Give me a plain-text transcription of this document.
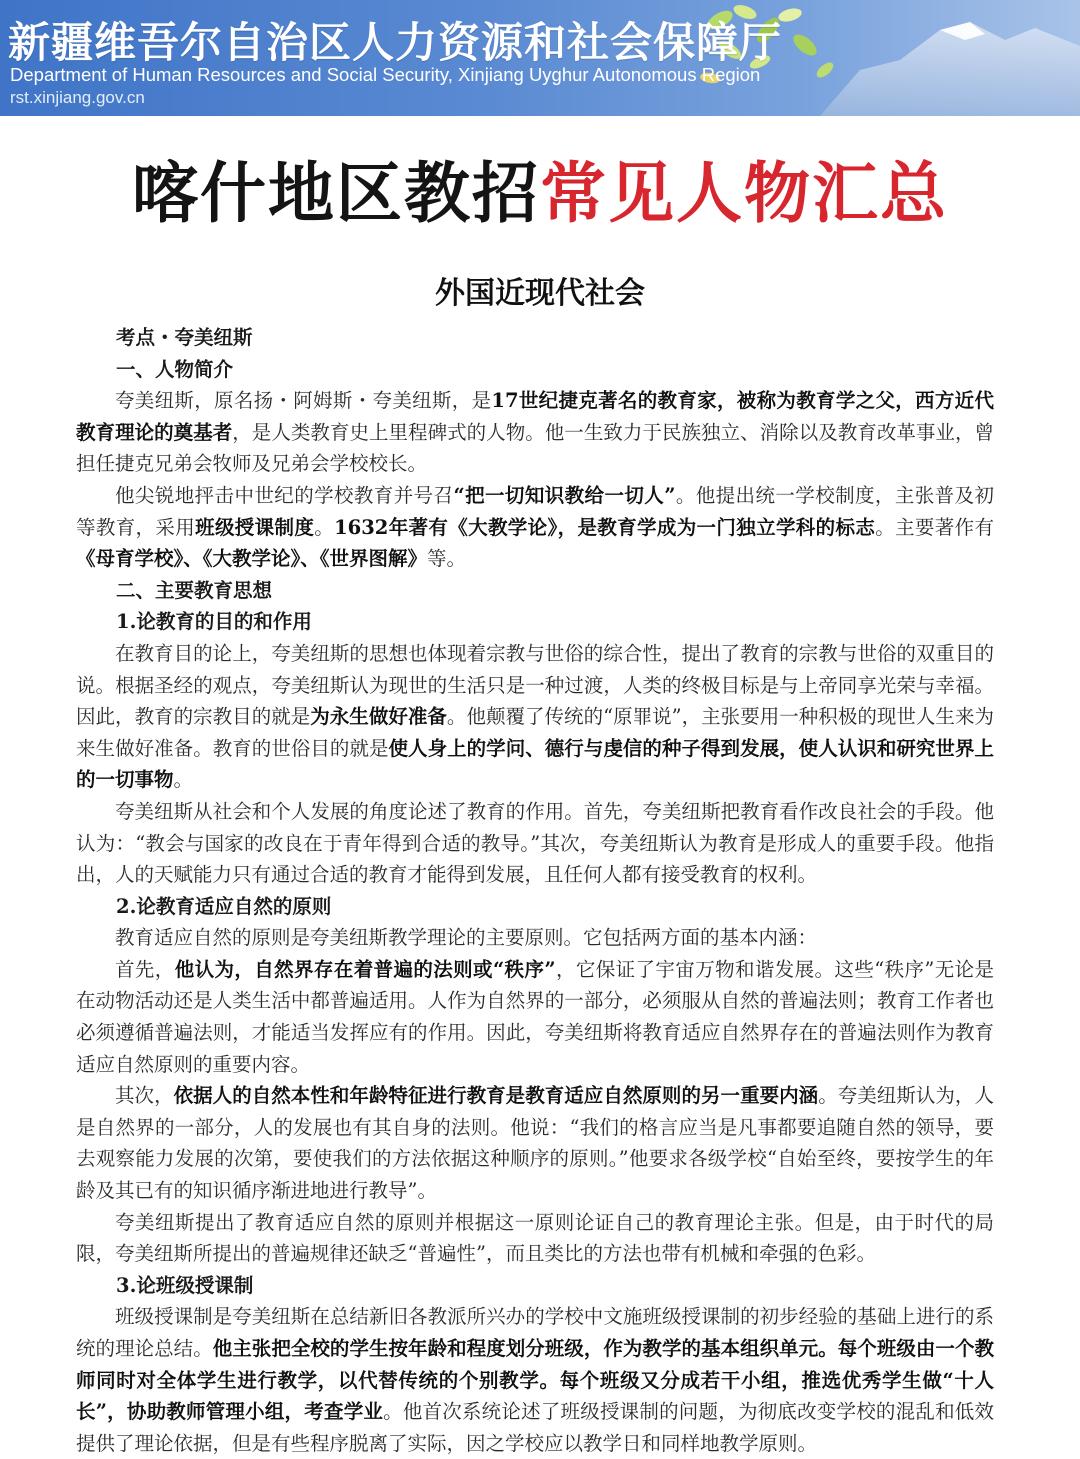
新疆维吾尔自治区人力资源和社会保障厅
Department of Human Resources and Social Security, Xinjiang Uyghur Autonomous Region
rst.xinjiang.gov.cn
喀什地区教招常见人物汇总
外国近现代社会

考点・夸美纽斯

一、人物简介

夸美纽斯，原名扬・阿姆斯・夸美纽斯，是17世纪捷克著名的教育家，被称为教育学之父，西方近代教育理论的奠基者，是人类教育史上里程碑式的人物。他一生致力于民族独立、消除以及教育改革事业，曾担任捷克兄弟会牧师及兄弟会学校校长。

他尖锐地抨击中世纪的学校教育并号召“把一切知识教给一切人”。他提出统一学校制度，主张普及初等教育，采用班级授课制度。1632年著有《大教学论》，是教育学成为一门独立学科的标志。主要著作有《母育学校》、《大教学论》、《世界图解》等。

二、主要教育思想

1.论教育的目的和作用

在教育目的论上，夸美纽斯的思想也体现着宗教与世俗的综合性，提出了教育的宗教与世俗的双重目的说。根据圣经的观点，夸美纽斯认为现世的生活只是一种过渡，人类的终极目标是与上帝同享光荣与幸福。因此，教育的宗教目的就是为永生做好准备。他颠覆了传统的“原罪说”，主张要用一种积极的现世人生来为来生做好准备。教育的世俗目的就是使人身上的学问、德行与虔信的种子得到发展，使人认识和研究世界上的一切事物。

夸美纽斯从社会和个人发展的角度论述了教育的作用。首先，夸美纽斯把教育看作改良社会的手段。他认为：“教会与国家的改良在于青年得到合适的教导。”其次，夸美纽斯认为教育是形成人的重要手段。他指出，人的天赋能力只有通过合适的教育才能得到发展，且任何人都有接受教育的权利。

2.论教育适应自然的原则

教育适应自然的原则是夸美纽斯教学理论的主要原则。它包括两方面的基本内涵：

首先，他认为，自然界存在着普遍的法则或“秩序”，它保证了宇宙万物和谐发展。这些“秩序”无论是在动物活动还是人类生活中都普遍适用。人作为自然界的一部分，必须服从自然的普遍法则；教育工作者也必须遵循普遍法则，才能适当发挥应有的作用。因此，夸美纽斯将教育适应自然界存在的普遍法则作为教育适应自然原则的重要内容。

其次，依据人的自然本性和年龄特征进行教育是教育适应自然原则的另一重要内涵。夸美纽斯认为，人是自然界的一部分，人的发展也有其自身的法则。他说：“我们的格言应当是凡事都要追随自然的领导，要去观察能力发展的次第，要使我们的方法依据这种顺序的原则。”他要求各级学校“自始至终，要按学生的年龄及其已有的知识循序渐进地进行教导”。

夸美纽斯提出了教育适应自然的原则并根据这一原则论证自己的教育理论主张。但是，由于时代的局限，夸美纽斯所提出的普遍规律还缺乏“普遍性”，而且类比的方法也带有机械和牵强的色彩。

3.论班级授课制

班级授课制是夸美纽斯在总结新旧各教派所兴办的学校中文施班级授课制的初步经验的基础上进行的系统的理论总结。他主张把全校的学生按年龄和程度划分班级，作为教学的基本组织单元。每个班级由一个教师同时对全体学生进行教学，以代替传统的个别教学。每个班级又分成若干小组，推选优秀学生做“十人长”，协助教师管理小组，考查学业。他首次系统论述了班级授课制的问题，为彻底改变学校的混乱和低效提供了理论依据，但是有些程序脱离了实际，因之学校应以教学日和同样地教学原则。
